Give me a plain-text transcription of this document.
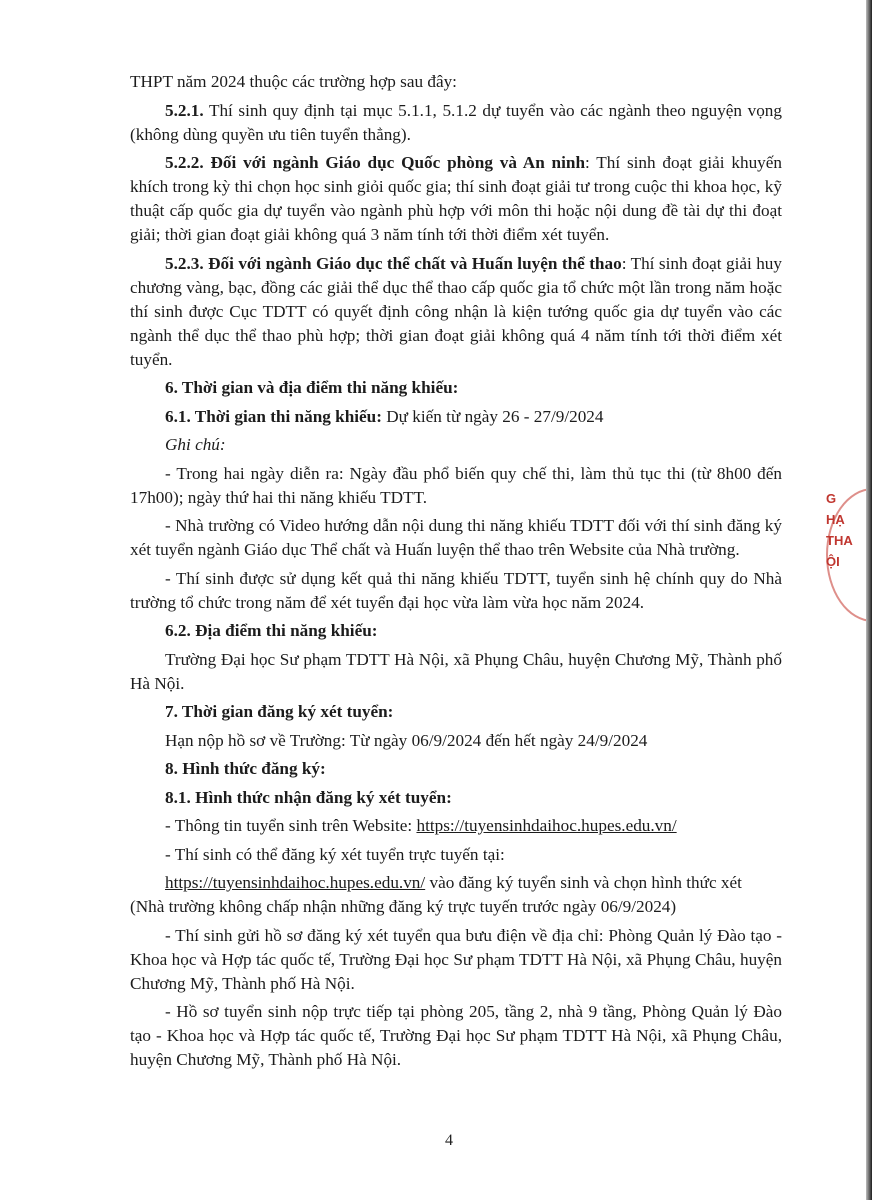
THPT năm 2024 thuộc các trường hợp sau đây:

5.2.1. Thí sinh quy định tại mục 5.1.1, 5.1.2 dự tuyển vào các ngành theo nguyện vọng (không dùng quyền ưu tiên tuyển thẳng).

5.2.2. Đối với ngành Giáo dục Quốc phòng và An ninh: Thí sinh đoạt giải khuyến khích trong kỳ thi chọn học sinh giỏi quốc gia; thí sinh đoạt giải tư trong cuộc thi khoa học, kỹ thuật cấp quốc gia dự tuyển vào ngành phù hợp với môn thi hoặc nội dung đề tài dự thi đoạt giải; thời gian đoạt giải không quá 3 năm tính tới thời điểm xét tuyển.

5.2.3. Đối với ngành Giáo dục thể chất và Huấn luyện thể thao: Thí sinh đoạt giải huy chương vàng, bạc, đồng các giải thể dục thể thao cấp quốc gia tổ chức một lần trong năm hoặc thí sinh được Cục TDTT có quyết định công nhận là kiện tướng quốc gia dự tuyển vào các ngành thể dục thể thao phù hợp; thời gian đoạt giải không quá 4 năm tính tới thời điểm xét tuyển.

6. Thời gian và địa điểm thi năng khiếu:

6.1. Thời gian thi năng khiếu: Dự kiến từ ngày 26 - 27/9/2024

Ghi chú:

- Trong hai ngày diễn ra: Ngày đầu phổ biến quy chế thi, làm thủ tục thi (từ 8h00 đến 17h00); ngày thứ hai thi năng khiếu TDTT.

- Nhà trường có Video hướng dẫn nội dung thi năng khiếu TDTT đối với thí sinh đăng ký xét tuyển ngành Giáo dục Thể chất và Huấn luyện thể thao trên Website của Nhà trường.

- Thí sinh được sử dụng kết quả thi năng khiếu TDTT, tuyển sinh hệ chính quy do Nhà trường tổ chức trong năm để xét tuyển đại học vừa làm vừa học năm 2024.

6.2. Địa điểm thi năng khiếu:

Trường Đại học Sư phạm TDTT Hà Nội, xã Phụng Châu, huyện Chương Mỹ, Thành phố Hà Nội.

7. Thời gian đăng ký xét tuyển:

Hạn nộp hồ sơ về Trường: Từ ngày 06/9/2024 đến hết ngày 24/9/2024

8. Hình thức đăng ký:

8.1. Hình thức nhận đăng ký xét tuyển:

- Thông tin tuyển sinh trên Website: https://tuyensinhdaihoc.hupes.edu.vn/

- Thí sinh có thể đăng ký xét tuyển trực tuyến tại:

https://tuyensinhdaihoc.hupes.edu.vn/ vào đăng ký tuyển sinh và chọn hình thức xét

(Nhà trường không chấp nhận những đăng ký trực tuyến trước ngày 06/9/2024)

- Thí sinh gửi hồ sơ đăng ký xét tuyển qua bưu điện về địa chỉ: Phòng Quản lý Đào tạo - Khoa học và Hợp tác quốc tế, Trường Đại học Sư phạm TDTT Hà Nội, xã Phụng Châu, huyện Chương Mỹ, Thành phố Hà Nội.

- Hồ sơ tuyển sinh nộp trực tiếp tại phòng 205, tầng 2, nhà 9 tầng, Phòng Quản lý Đào tạo - Khoa học và Hợp tác quốc tế, Trường Đại học Sư phạm TDTT Hà Nội, xã Phụng Châu, huyện Chương Mỹ, Thành phố Hà Nội.

4
G
HẠ
THA
ỘI
